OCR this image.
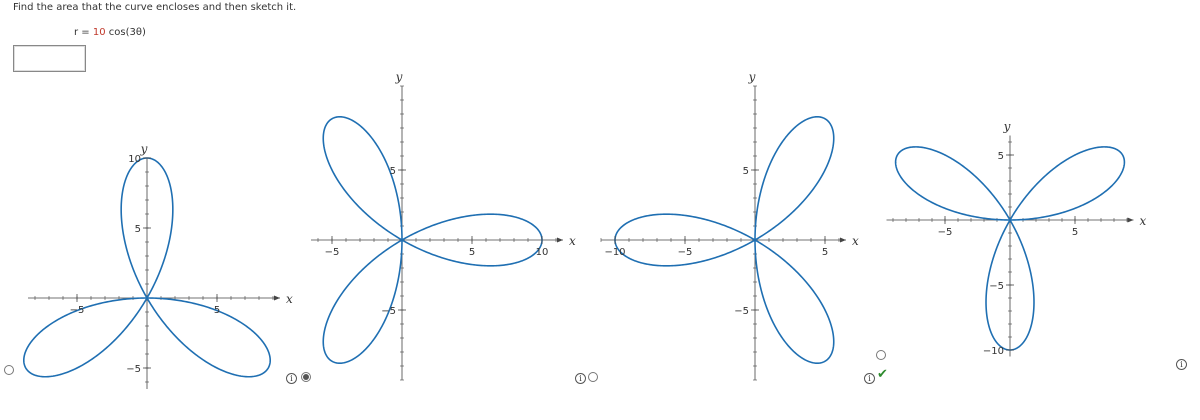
Find the area that the curve encloses and then sketch it.
r = 10 cos(3θ)
−5	5
−5
5
10
x
y
i
−5	5	10
−5
5
x
y
i
−10	−5	5
−5
5
x
y
i
−5	5
−10
−5
5
x
y
✔
i
